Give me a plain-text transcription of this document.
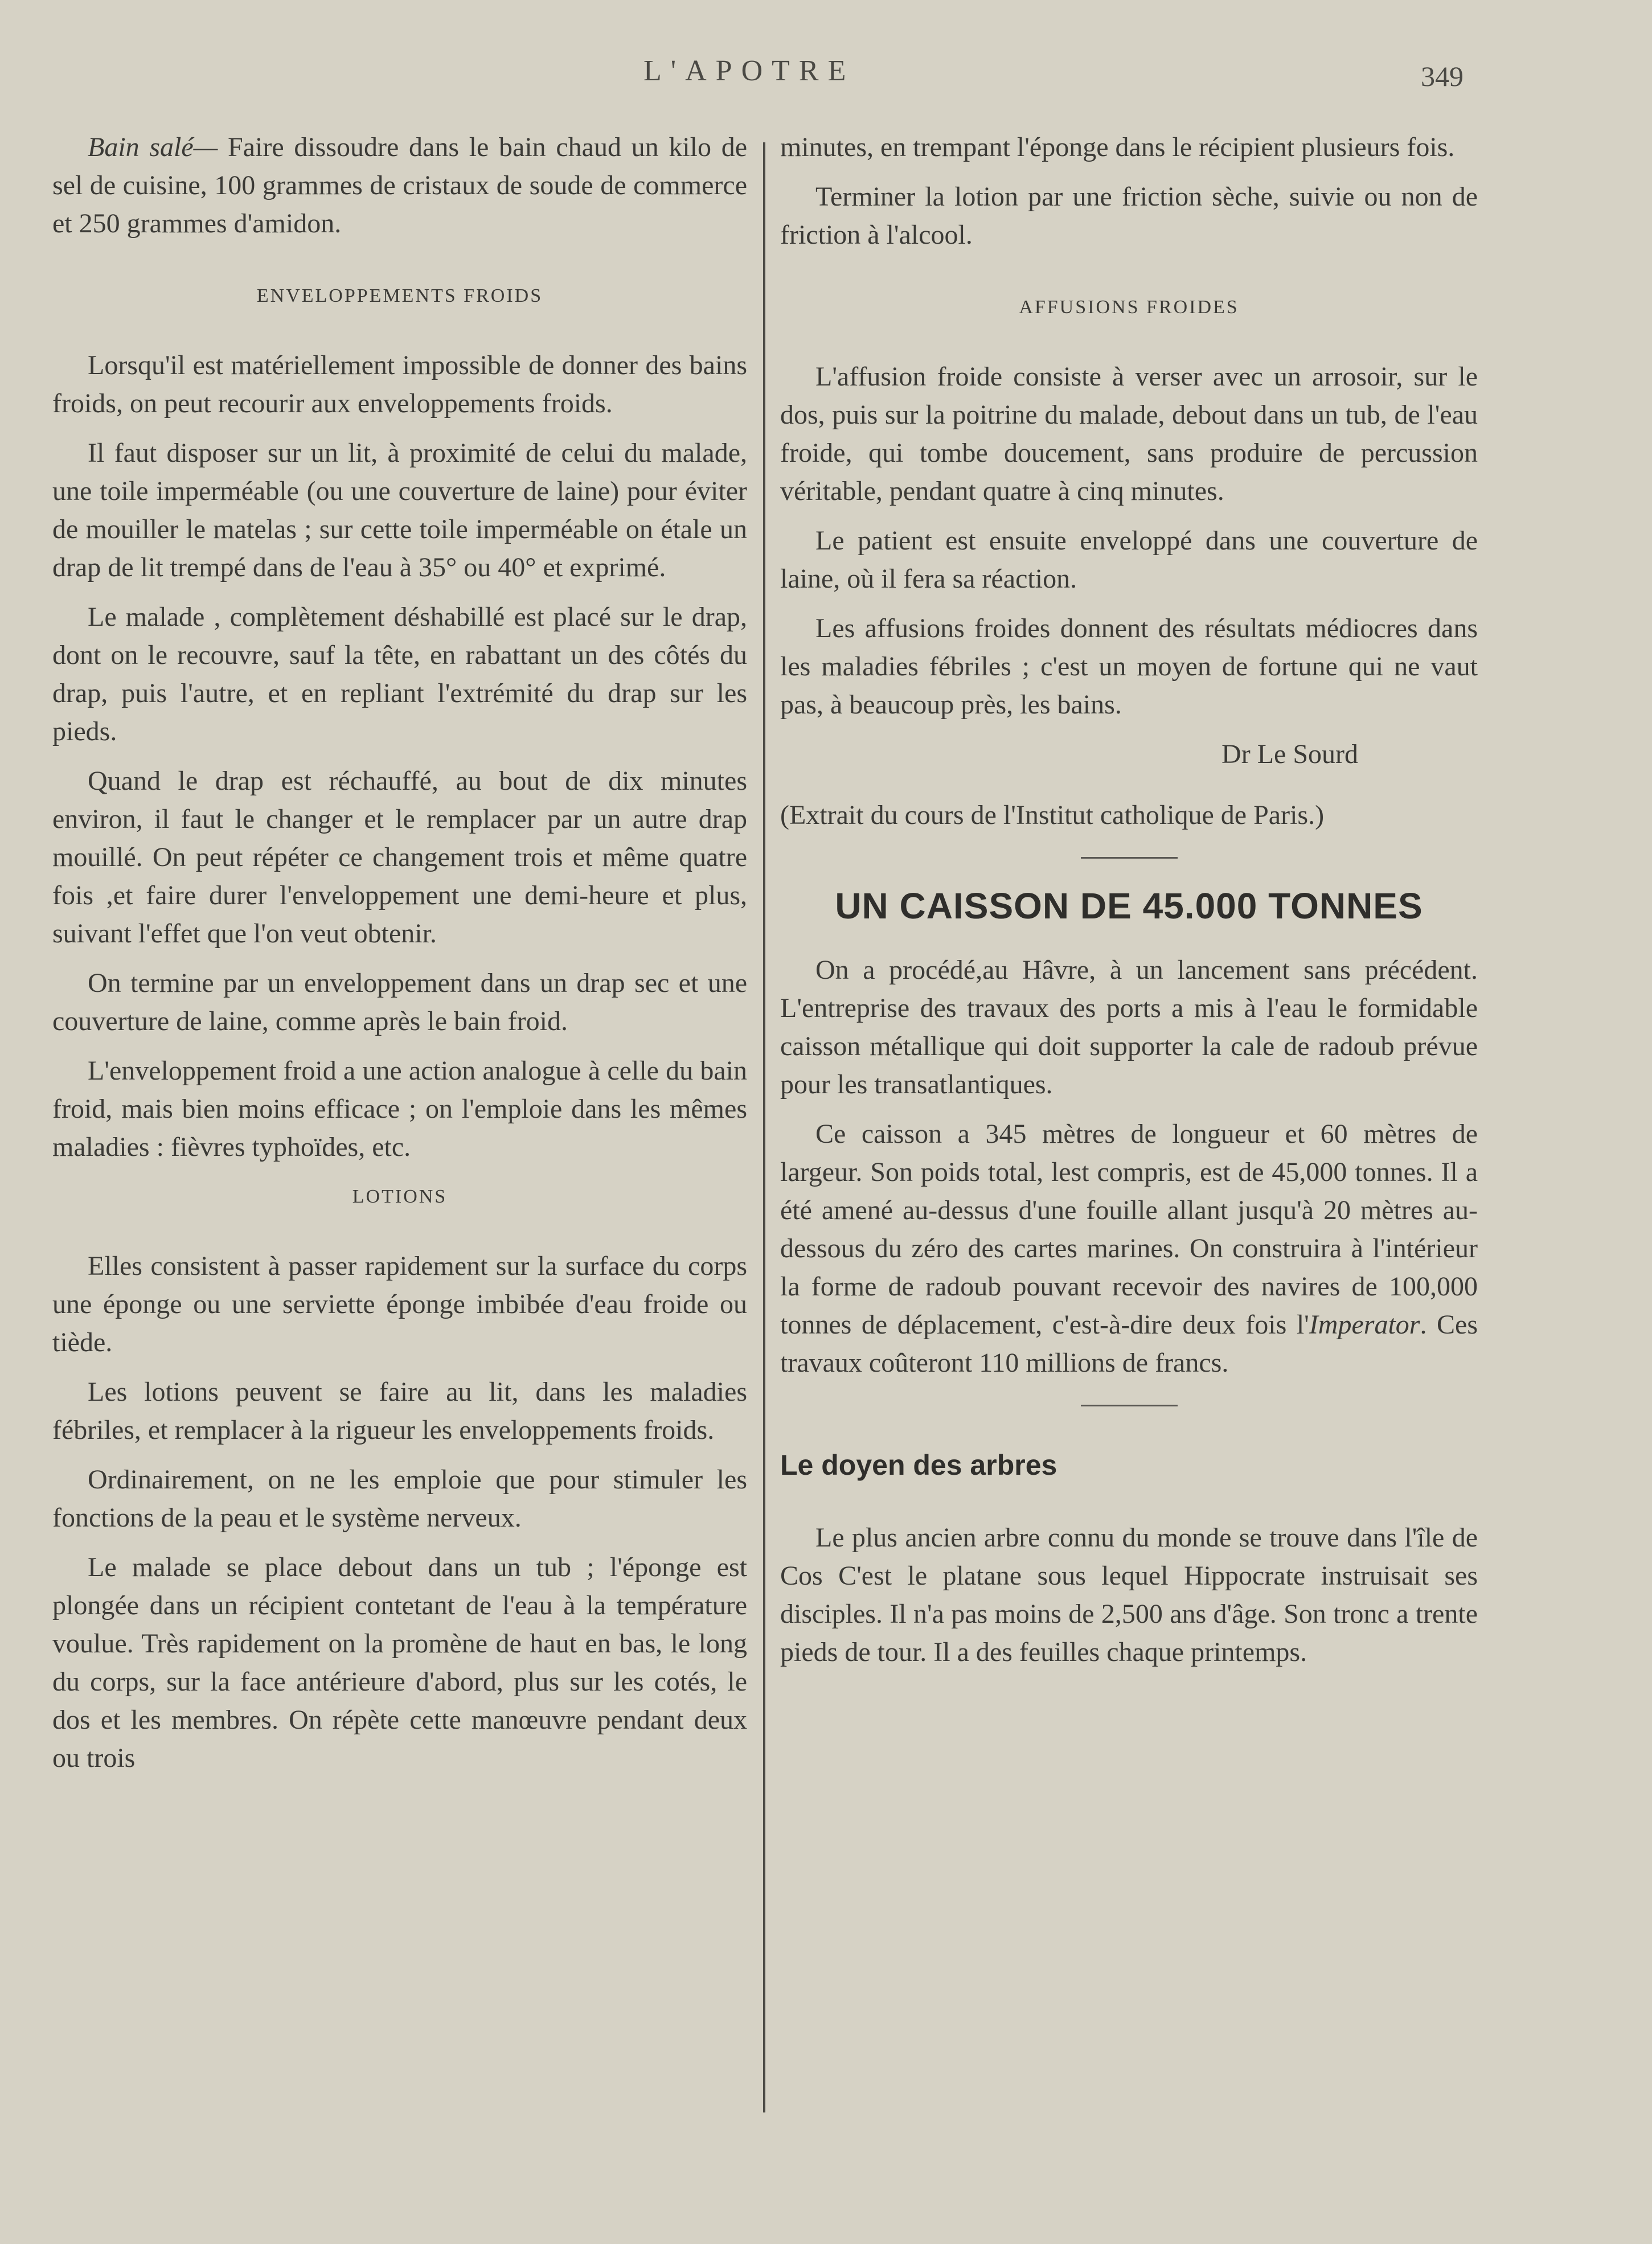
L'APOTRE	349

Bain salé— Faire dissoudre dans le bain chaud un kilo de sel de cuisine, 100 grammes de cristaux de soude de commerce et 250 grammes d'amidon.

ENVELOPPEMENTS FROIDS

Lorsqu'il est matériellement impossible de donner des bains froids, on peut recourir aux enveloppements froids.

Il faut disposer sur un lit, à proximité de celui du malade, une toile imperméable (ou une couverture de laine) pour éviter de mouiller le matelas ; sur cette toile imperméable on étale un drap de lit trempé dans de l'eau à 35° ou 40° et exprimé.

Le malade , complètement déshabillé est placé sur le drap, dont on le recouvre, sauf la tête, en rabattant un des côtés du drap, puis l'autre, et en repliant l'extrémité du drap sur les pieds.

Quand le drap est réchauffé, au bout de dix minutes environ, il faut le changer et le remplacer par un autre drap mouillé. On peut répéter ce changement trois et même quatre fois ,et faire durer l'enveloppement une demi-heure et plus, suivant l'effet que l'on veut obtenir.

On termine par un enveloppement dans un drap sec et une couverture de laine, comme après le bain froid.

L'enveloppement froid a une action analogue à celle du bain froid, mais bien moins efficace ; on l'emploie dans les mêmes maladies : fièvres typhoïdes, etc.

LOTIONS

Elles consistent à passer rapidement sur la surface du corps une éponge ou une serviette éponge imbibée d'eau froide ou tiède.

Les lotions peuvent se faire au lit, dans les maladies fébriles, et remplacer à la rigueur les enveloppements froids.

Ordinairement, on ne les emploie que pour stimuler les fonctions de la peau et le système nerveux.

Le malade se place debout dans un tub ; l'éponge est plongée dans un récipient contetant de l'eau à la température voulue. Très rapidement on la promène de haut en bas, le long du corps, sur la face antérieure d'abord, plus sur les cotés, le dos et les membres. On répète cette manœuvre pendant deux ou trois

minutes, en trempant l'éponge dans le récipient plusieurs fois.

Terminer la lotion par une friction sèche, suivie ou non de friction à l'alcool.

AFFUSIONS FROIDES

L'affusion froide consiste à verser avec un arrosoir, sur le dos, puis sur la poitrine du malade, debout dans un tub, de l'eau froide, qui tombe doucement, sans produire de percussion véritable, pendant quatre à cinq minutes.

Le patient est ensuite enveloppé dans une couverture de laine, où il fera sa réaction.

Les affusions froides donnent des résultats médiocres dans les maladies fébriles ; c'est un moyen de fortune qui ne vaut pas, à beaucoup près, les bains.

Dr Le Sourd

(Extrait du cours de l'Institut catholique de Paris.)

UN CAISSON DE 45.000 TONNES

On a procédé,au Hâvre, à un lancement sans précédent. L'entreprise des travaux des ports a mis à l'eau le formidable caisson métallique qui doit supporter la cale de radoub prévue pour les transatlantiques.

Ce caisson a 345 mètres de longueur et 60 mètres de largeur. Son poids total, lest compris, est de 45,000 tonnes. Il a été amené au-dessus d'une fouille allant jusqu'à 20 mètres au-dessous du zéro des cartes marines. On construira à l'intérieur la forme de radoub pouvant recevoir des navires de 100,000 tonnes de déplacement, c'est-à-dire deux fois l'Imperator. Ces travaux coûteront 110 millions de francs.

Le doyen des arbres

Le plus ancien arbre connu du monde se trouve dans l'île de Cos C'est le platane sous lequel Hippocrate instruisait ses disciples. Il n'a pas moins de 2,500 ans d'âge. Son tronc a trente pieds de tour. Il a des feuilles chaque printemps.
